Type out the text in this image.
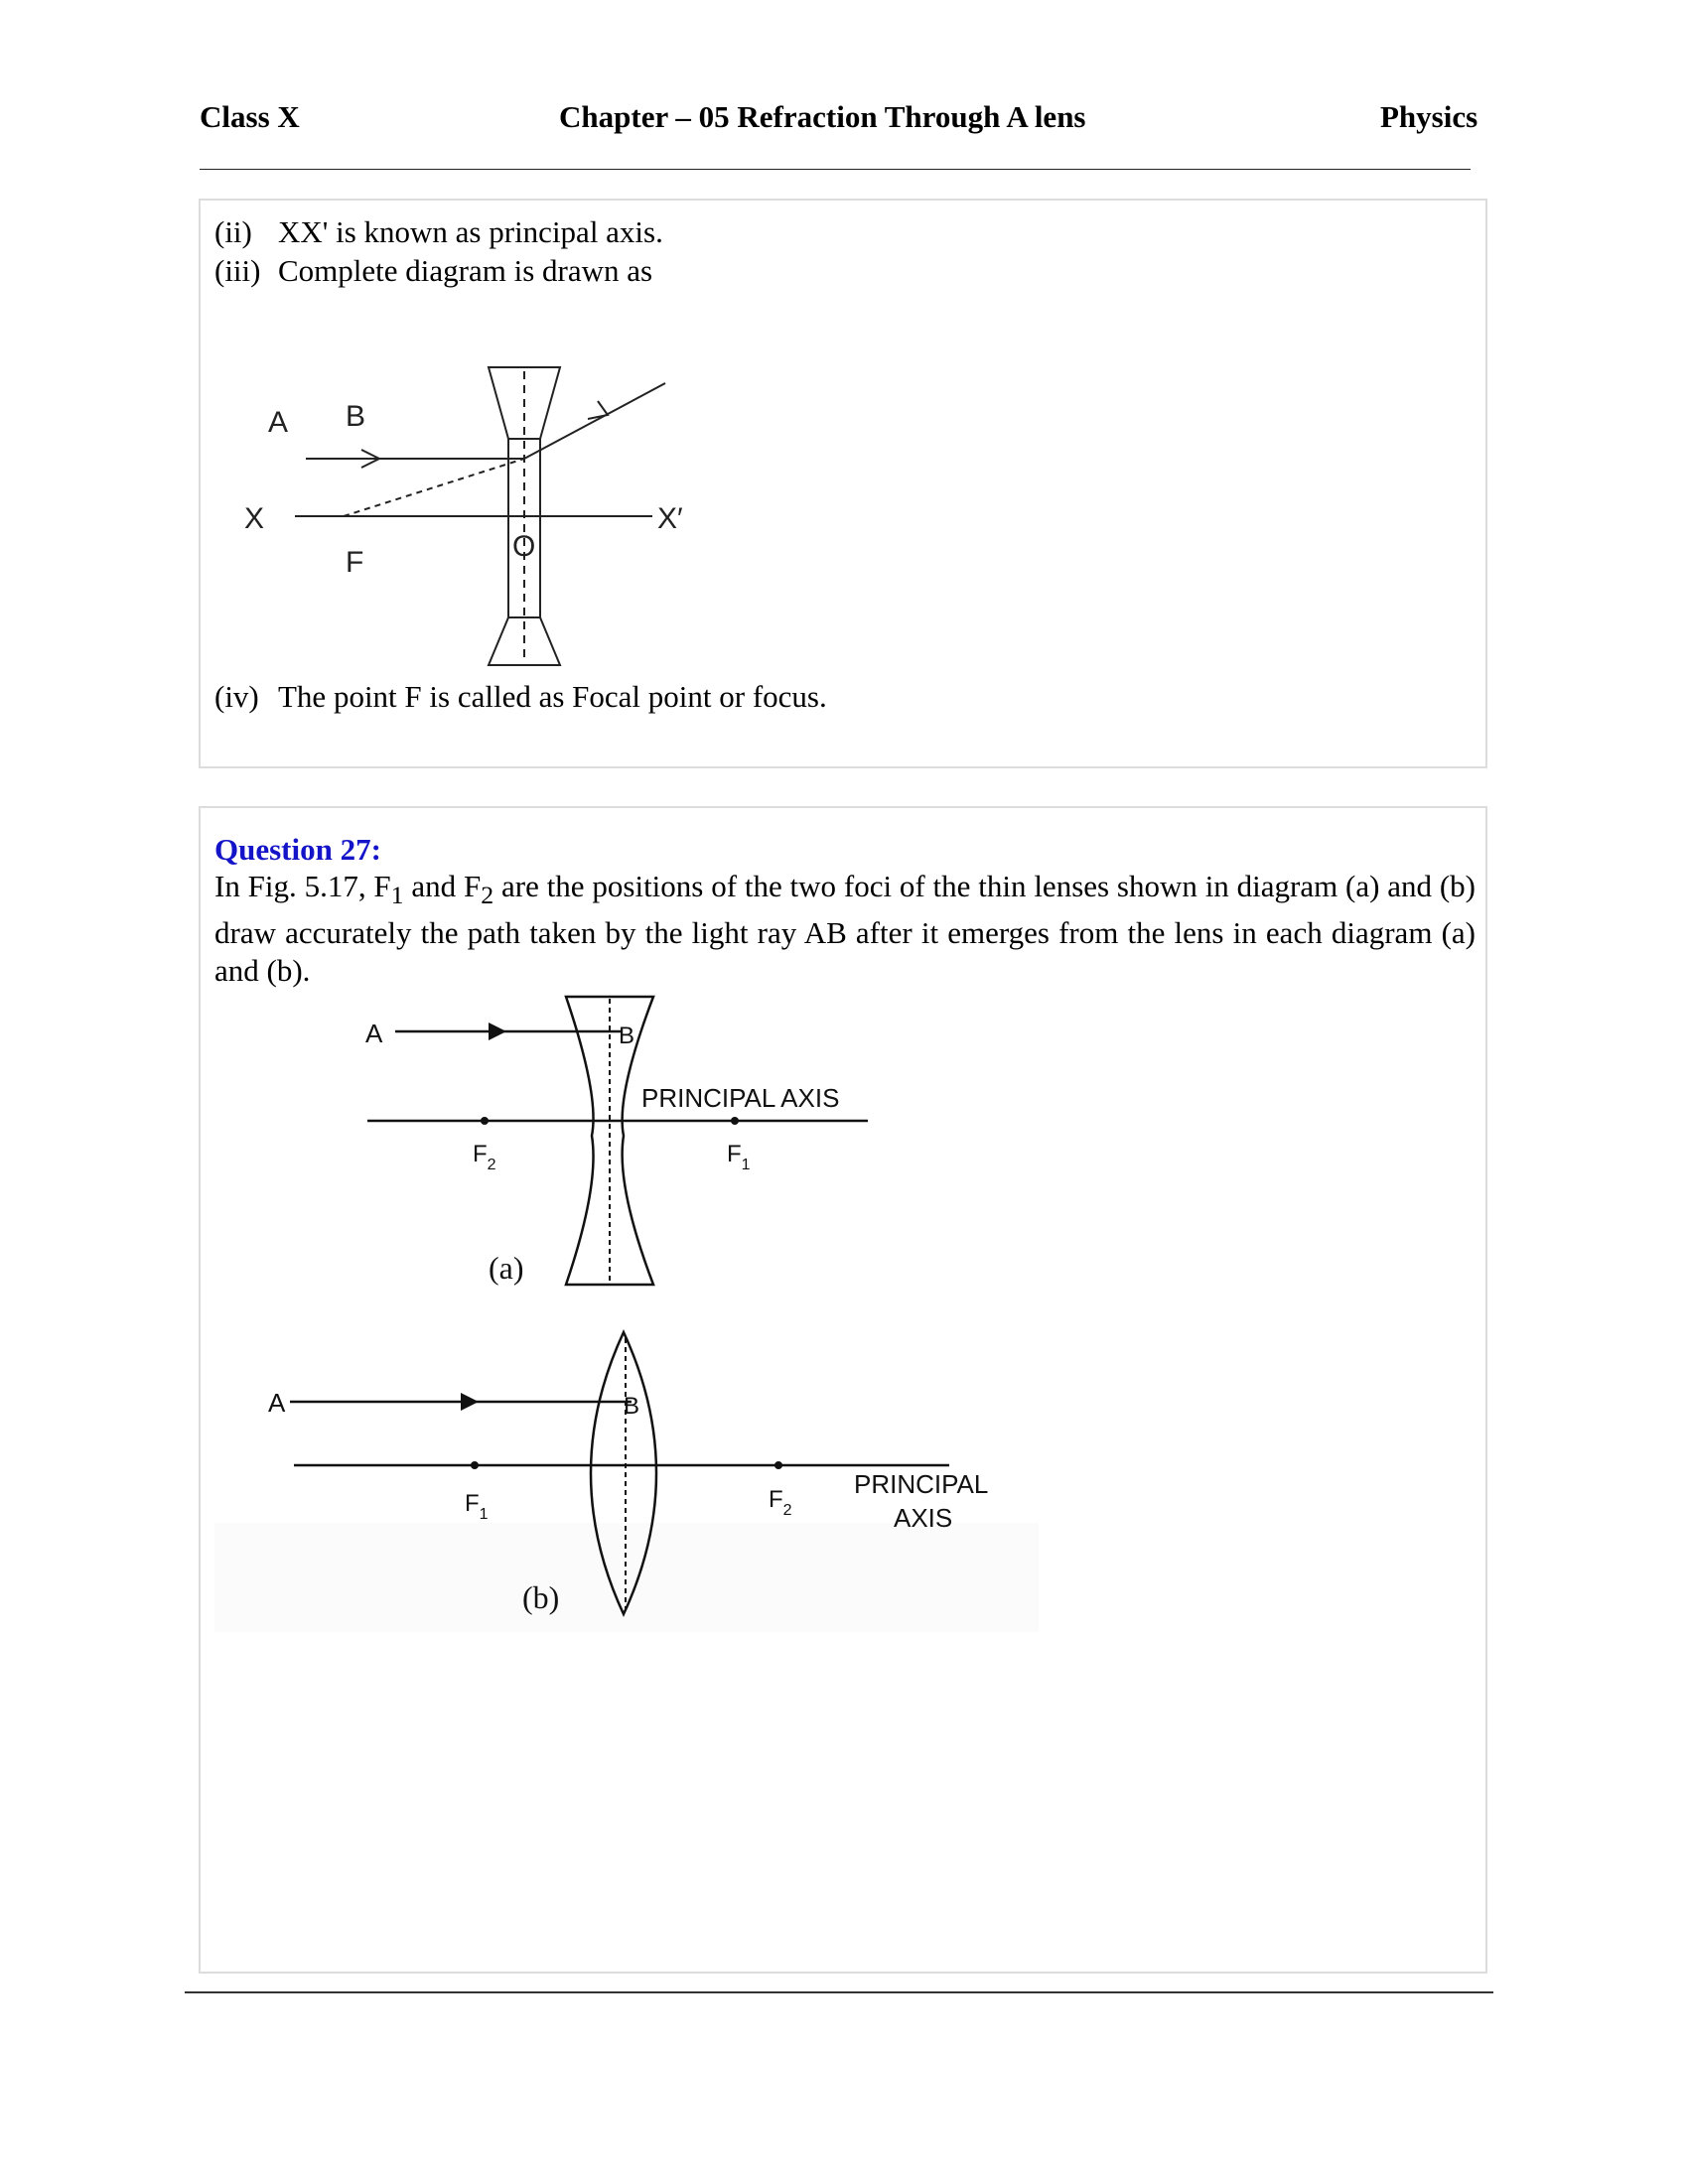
Class X	Chapter – 05 Refraction Through A lens	Physics
(ii) XX' is known as principal axis.
(iii) Complete diagram is drawn as
A B
X	X′
F	O
(iv) The point F is called as Focal point or focus.
Question 27:
In Fig. 5.17, $F_1$ and $F_2$ are the positions of the two foci of the thin lenses shown in diagram (a) and (b) draw accurately the path taken by the light ray AB after it emerges from the lens in each diagram (a) and (b).
A	B
PRINCIPAL AXIS
$F_2$	$F_1$
(a)
A	B
$F_1$
$F_2$
PRINCIPAL
AXIS
(b)
